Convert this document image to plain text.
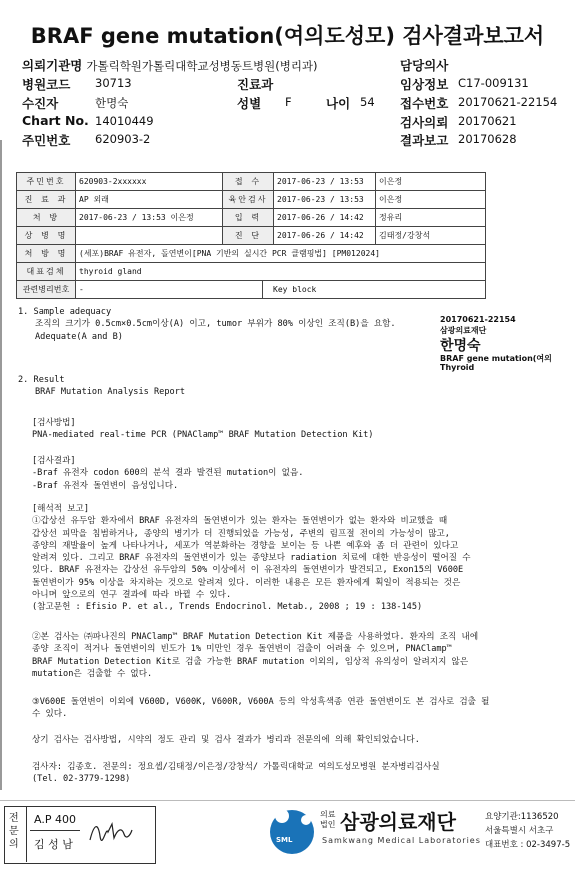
BRAF gene mutation(여의도성모) 검사결과보고서
의뢰기관명 가톨릭학원가톨릭대학교성병동트병원(병리과)	담당의사
병원코드 30713	진료과	임상정보 C17-009131
수진자	한명숙	성별 F	나이 54 접수번호 20170621-22154
Chart No. 14010449	검사의뢰 20170621
주민번호 620903-2	결과보고 20170628
주민번호	620903-2xxxxxx	접 수	2017-06-23 / 13:53	이은정
진 료 과	AP 외래	육안검사	2017-06-23 / 13:53	이은정
처 방	2017-06-23 / 13:53 이은정	입 력	2017-06-26 / 14:42	정유리
상 병 명		진 단	2017-06-26 / 14:42	김태정/강창석
처 방 명	(세포)BRAF 유전자, 돌연변이[PNA 기반의 실시간 PCR 클램핑법] [PM012024]	
대표검체	thyroid gland	
관련병리번호	-	Key block
20170621-22154
삼광의료재단
한명숙
BRAF gene mutation(여의
Thyroid
1. Sample adequacy
조직의 크기가 0.5cm×0.5cm이상(A) 이고, tumor 부위가 80% 이상인 조직(B)을 요함.
Adequate(A and B)
2. Result
BRAF Mutation Analysis Report
[검사방법]
PNA-mediated real-time PCR (PNAClamp™ BRAF Mutation Detection Kit)
[검사결과]
-Braf 유전자 codon 600의 분석 결과 발견된 mutation이 없음.
-Braf 유전자 돌연변이 음성입니다.
[해석적 보고]
①갑상선 유두암 환자에서 BRAF 유전자의 돌연변이가 있는 환자는 돌연변이가 없는 환자와 비교했을 때
갑상선 피막을 침범하거나, 종양의 병기가 더 진행되었을 가능성, 주변의 림프절 전이의 가능성이 많고,
종양의 재발율이 높게 나타나거나, 세포가 역분화하는 경향을 보이는 등 나쁜 예후와 좀 더 관련이 있다고
알려져 있다. 그리고 BRAF 유전자의 돌연변이가 있는 종양보다 radiation 치료에 대한 반응성이 떨어질 수
있다. BRAF 유전자는 갑상선 유두암의 50% 이상에서 이 유전자의 돌연변이가 발견되고, Exon15의 V600E
돌연변이가 95% 이상을 차지하는 것으로 알려져 있다. 이러한 내용은 모든 환자에게 획일이 적용되는 것은
아니며 앞으로의 연구 결과에 따라 바뀔 수 있다.
(참고문헌 : Efisio P. et al., Trends Endocrinol. Metab., 2008 ; 19 : 138-145)
②본 검사는 ㈜파나진의 PNAClamp™ BRAF Mutation Detection Kit 제품을 사용하였다. 환자의 조직 내에
종양 조직이 적거나 돌연변이의 빈도가 1% 미만인 경우 돌연변이 검출이 어려울 수 있으며, PNAClamp™
BRAF Mutation Detection Kit로 검출 가능한 BRAF mutation 이외의, 임상적 유의성이 알려지지 않은
mutation은 검출할 수 없다.
③V600E 돌연변이 이외에 V600D, V600K, V600R, V600A 등의 악성흑색종 연관 돌연변이도 본 검사로 검출 될
수 있다.
상기 검사는 검사방법, 시약의 정도 관리 및 검사 결과가 병리과 전문의에 의해 확인되었습니다.
검사자: 김종호. 전문의: 정요셉/김태정/이은정/강창석/ 가톨릭대학교 여의도성모병원 분자병리검사실
(Tel. 02-3779-1298)
전문의
A.P 400
김 성 남	SML
의료
법인 삼광의료재단
Samkwang Medical Laboratories
요양기관:1136520
서울특별시 서초구
대표번호 : 02-3497-5
